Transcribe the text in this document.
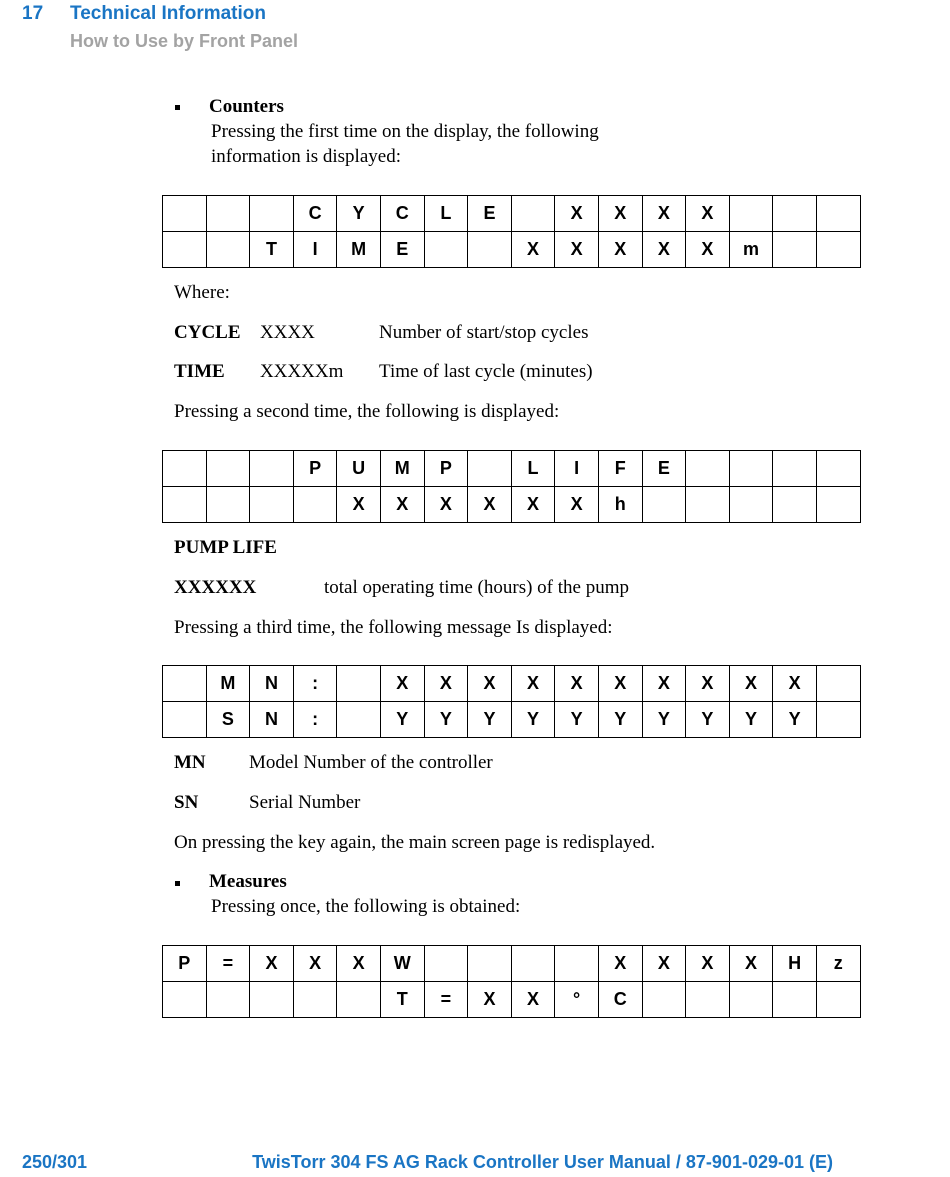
17 Technical Information
How to Use by Front Panel
Counters
Pressing the first time on the display, the following
information is displayed:
			C	Y	C	L	E		X	X	X	X			
		T	I	M	E			X	X	X	X	X	m		
Where:
CYCLE XXXX	Number of start/stop cycles
TIME XXXXXm Time of last cycle (minutes)
Pressing a second time, the following is displayed:
			P	U	M	P		L	I	F	E				
				X	X	X	X	X	X	h					
PUMP LIFE
XXXXXX	total operating time (hours) of the pump
Pressing a third time, the following message Is displayed:
	M	N	:		X	X	X	X	X	X	X	X	X	X	
	S	N	:		Y	Y	Y	Y	Y	Y	Y	Y	Y	Y	
MN Model Number of the controller
SN	Serial Number
On pressing the key again, the main screen page is redisplayed.
Measures
Pressing once, the following is obtained:
P	=	X	X	X	W					X	X	X	X	H	z
					T	=	X	X	°	C					
250/301	TwisTorr 304 FS AG Rack Controller User Manual / 87-901-029-01 (E)
